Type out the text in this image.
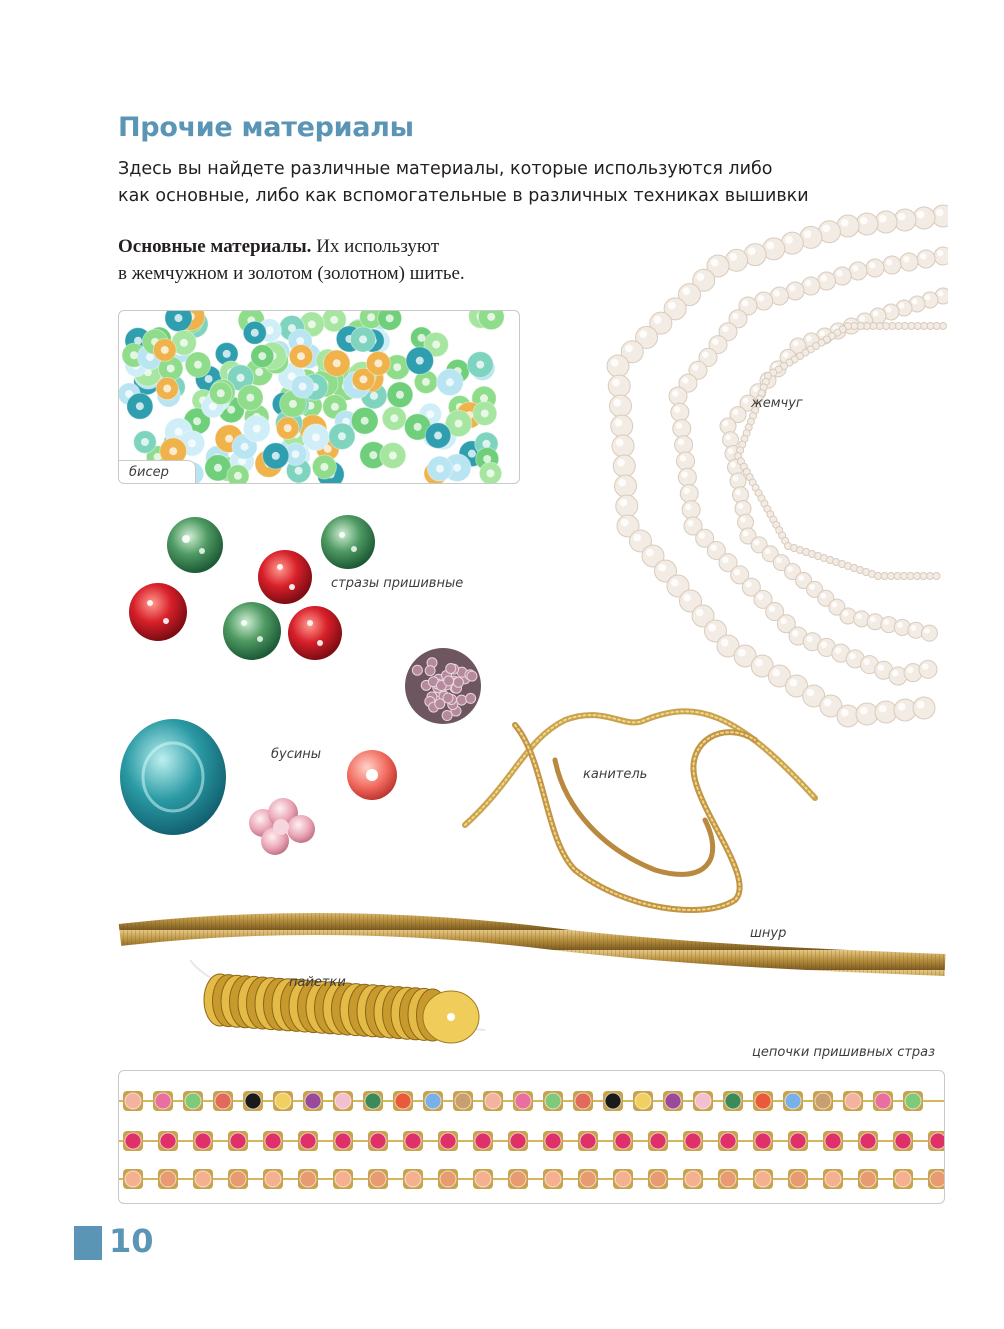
Прочие материалы
Здесь вы найдете различные материалы, которые используются либо
как основные, либо как вспомогательные в различных техниках вышивки
Основные материалы. Их используют
в жемчужном и золотом (золотном) шитье.
бисер
жемчуг
стразы пришивные
бусины
канитель
шнур
пайетки
цепочки пришивных страз
10
